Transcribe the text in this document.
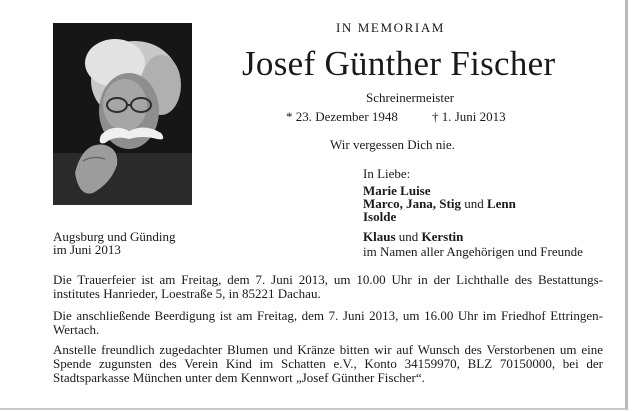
IN MEMORIAM
Josef Günther Fischer
Schreinermeister
* 23. Dezember 1948	† 1. Juni 2013
Wir vergessen Dich nie.
In Liebe:
Marie Luise
Marco, Jana, Stig und Lenn
Isolde
Klaus und Kerstin
im Namen aller Angehörigen und Freunde
Augsburg und Günding
im Juni 2013
Die Trauerfeier ist am Freitag, dem 7. Juni 2013, um 10.00 Uhr in der Lichthalle des Bestattungsinstitutes Hanrieder, Loestraße 5, in 85221 Dachau.
Die anschließende Beerdigung ist am Freitag, dem 7. Juni 2013, um 16.00 Uhr im Friedhof Ettringen-Wertach.
Anstelle freundlich zugedachter Blumen und Kränze bitten wir auf Wunsch des Verstorbenen um eine Spende zugunsten des Verein Kind im Schatten e.V., Konto 34159970, BLZ 70150000, bei der Stadtsparkasse München unter dem Kennwort „Josef Günther Fischer“.
